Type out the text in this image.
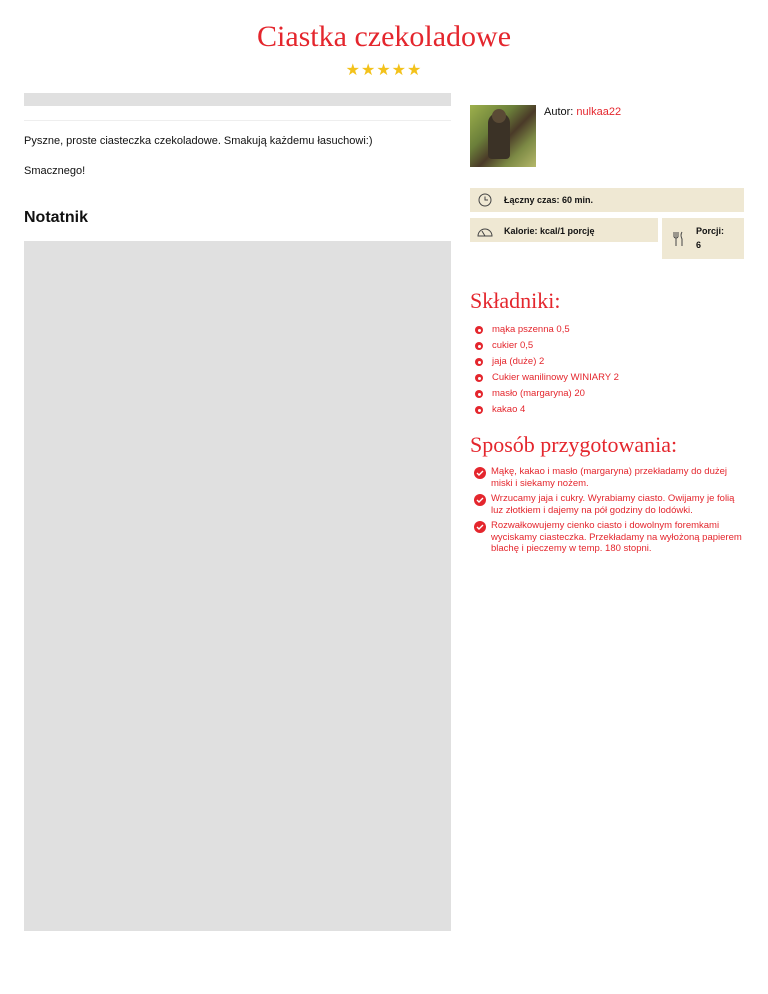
Ciastka czekoladowe
★★★★★
Pyszne, proste ciasteczka czekoladowe. Smakują każdemu łasuchowi:)
Smacznego!
Notatnik
Autor: nulkaa22
Łączny czas: 60 min.
Kalorie: kcal/1 porcję	Porcji:
6
Składniki:
mąka pszenna 0,5
cukier 0,5
jaja (duże) 2
Cukier wanilinowy WINIARY 2
masło (margaryna) 20
kakao 4
Sposób przygotowania:
Mąkę, kakao i masło (margaryna) przekładamy do dużej miski i siekamy nożem.
Wrzucamy jaja i cukry. Wyrabiamy ciasto. Owijamy je folią luz złotkiem i dajemy na pół godziny do lodówki.
Rozwałkowujemy cienko ciasto i dowolnym foremkami wyciskamy ciasteczka. Przekładamy na wyłożoną papierem blachę i pieczemy w temp. 180 stopni.
